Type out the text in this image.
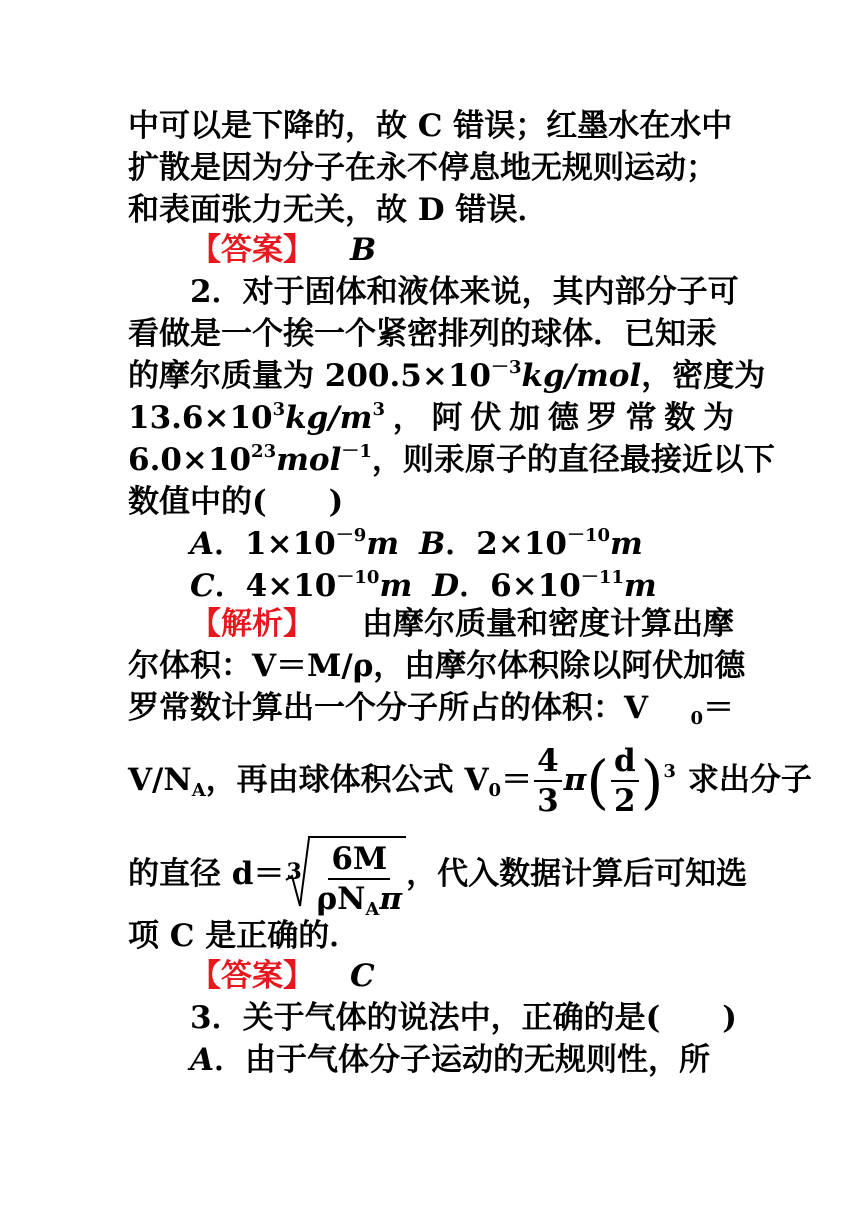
中可以是下降的，故 C 错误；红墨水在水中
扩散是因为分子在永不停息地无规则运动；
和表面张力无关，故 D 错误．
【答案】 B
2．对于固体和液体来说，其内部分子可
看做是一个挨一个紧密排列的球体．已知汞
的摩尔质量为 $200.5\times 10^{-3}kg$/mol，密度为
$13.6\times 10^3kg/m^3$ ， 阿 伏 加 德 罗 常 数 为
$6.0\times 10^{23}mol^{-1}$，则汞原子的直径最接近以下
数值中的(　　)
A．$1\times 10^{-9}m$ B．$2\times 10^{-10}m$
C．$4\times 10^{-10}m$ D．$6\times 10^{-11}m$
【解析】 由摩尔质量和密度计算出摩
尔体积：V＝M/ρ，由摩尔体积除以阿伏加德
罗常数计算出一个分子所占的体积：V $_0$＝
$V/N_A$，再由球体积公式 $V_0= \frac{4}{3} \pi( \frac{d}{2} )^3$ 求出分子
的直径 $d= 3 \frac{6M}{\rho N_A\pi}$ ，代入数据计算后可知选
项 C 是正确的．
【答案】 C
3．关于气体的说法中，正确的是(　　)
A．由于气体分子运动的无规则性，所
